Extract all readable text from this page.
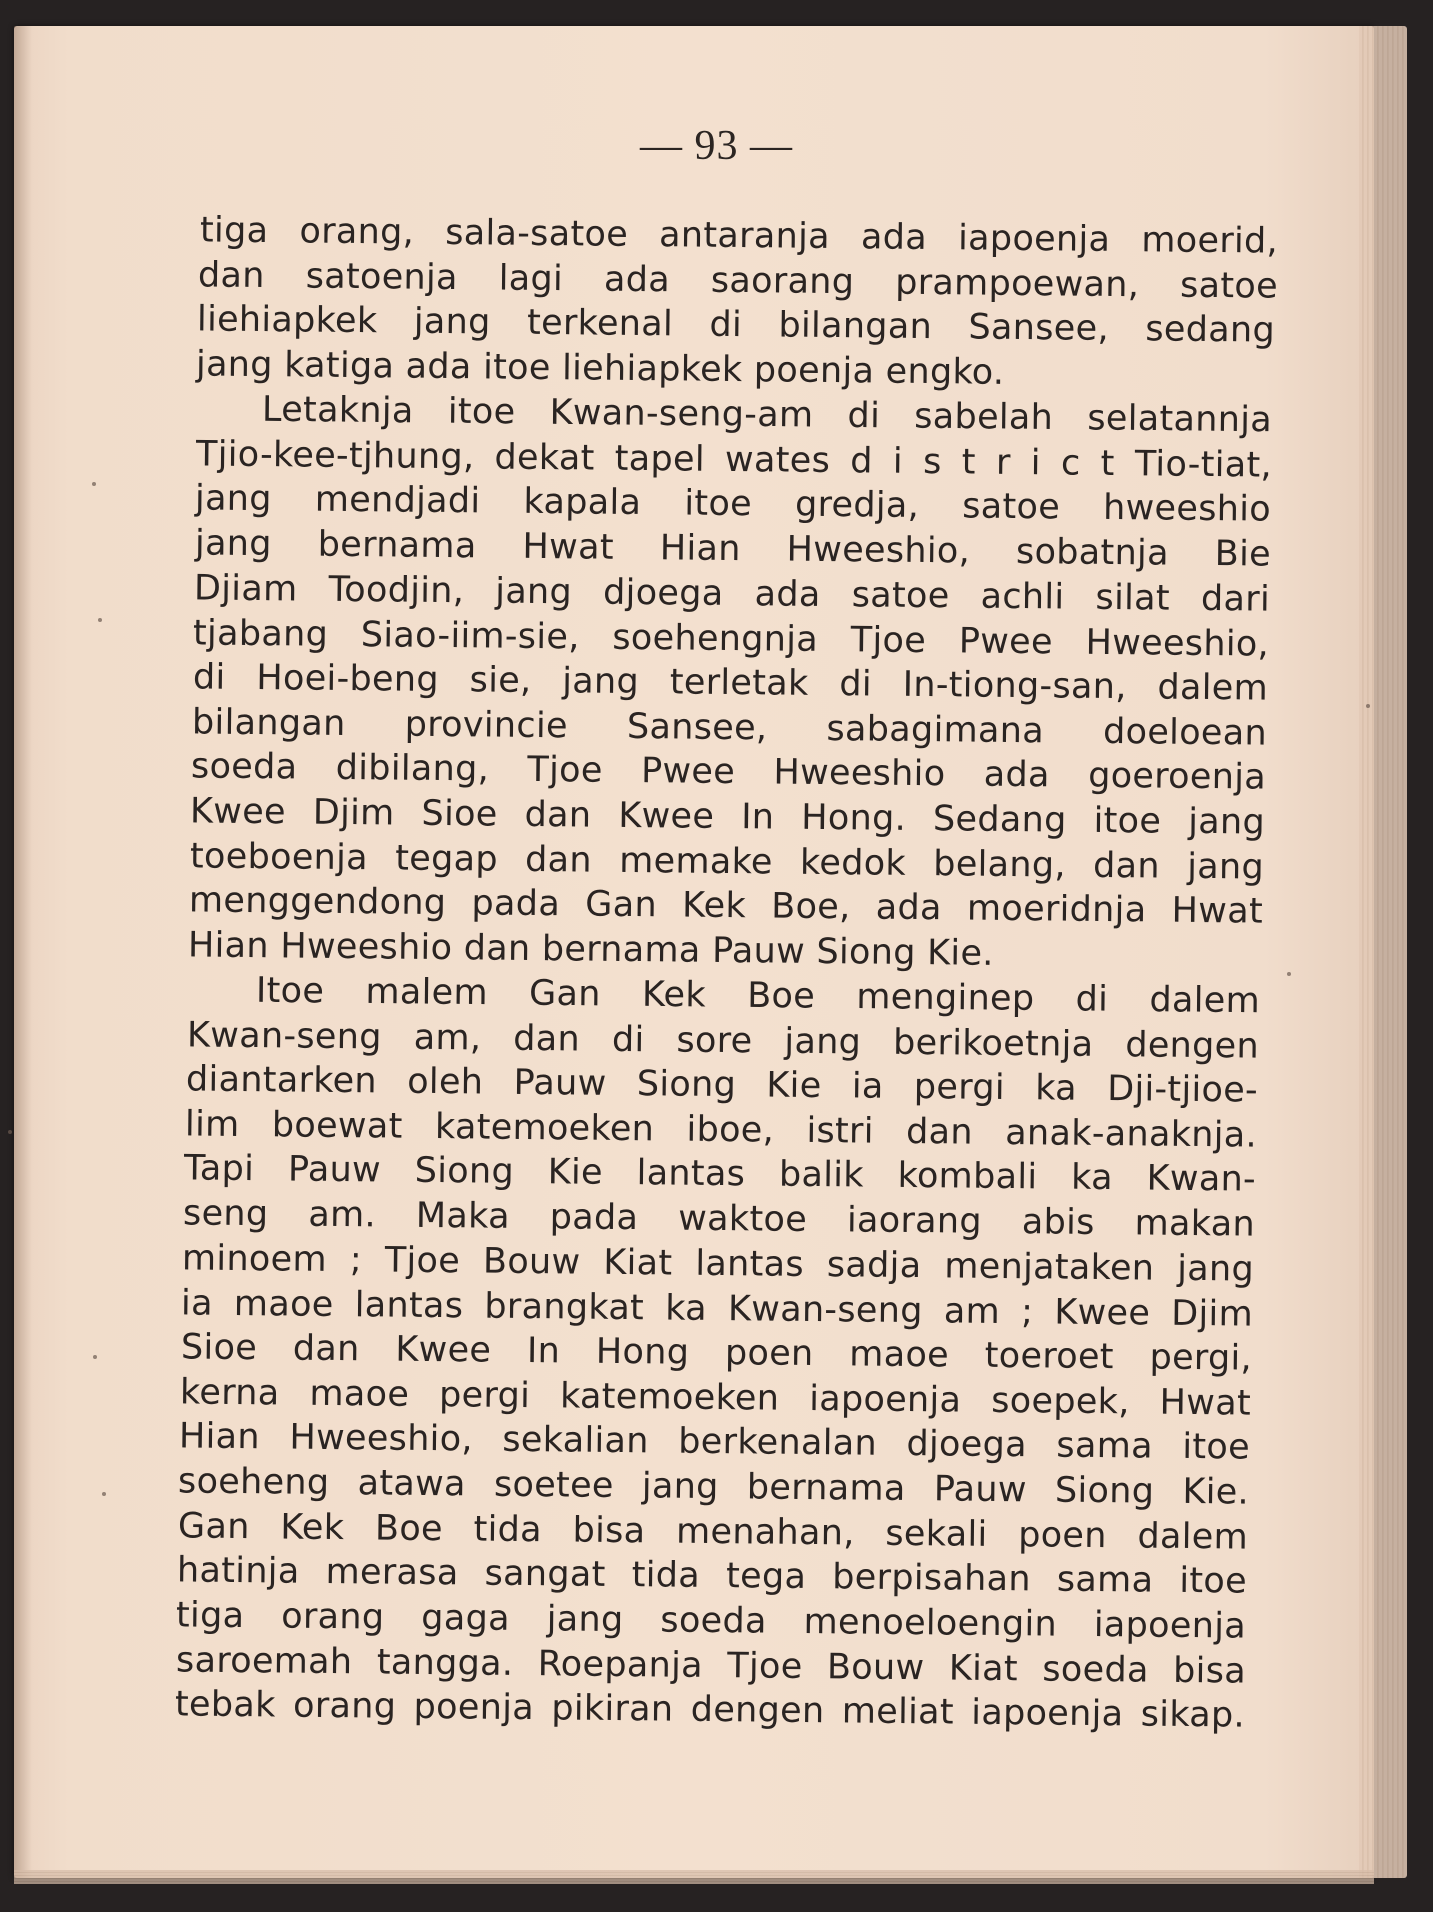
— 93 —
tiga orang, sala-satoe antaranja ada iapoenja moerid,
dan satoenja lagi ada saorang prampoewan, satoe
liehiapkek jang terkenal di bilangan Sansee, sedang
jang katiga ada itoe liehiapkek poenja engko.
Letaknja itoe Kwan-seng-am di sabelah selatannja
Tjio-kee-tjhung, dekat tapel wates d i s t r i c t Tio-tiat,
jang mendjadi kapala itoe gredja, satoe hweeshio
jang bernama Hwat Hian Hweeshio, sobatnja Bie
Djiam Toodjin, jang djoega ada satoe achli silat dari
tjabang Siao-iim-sie, soehengnja Tjoe Pwee Hweeshio,
di Hoei-beng sie, jang terletak di In-tiong-san, dalem
bilangan provincie Sansee, sabagimana doeloean
soeda dibilang, Tjoe Pwee Hweeshio ada goeroenja
Kwee Djim Sioe dan Kwee In Hong. Sedang itoe jang
toeboenja tegap dan memake kedok belang, dan jang
menggendong pada Gan Kek Boe, ada moeridnja Hwat
Hian Hweeshio dan bernama Pauw Siong Kie.
Itoe malem Gan Kek Boe menginep di dalem
Kwan-seng am, dan di sore jang berikoetnja dengen
diantarken oleh Pauw Siong Kie ia pergi ka Dji-tjioe-
lim boewat katemoeken iboe, istri dan anak-anaknja.
Tapi Pauw Siong Kie lantas balik kombali ka Kwan-
seng am. Maka pada waktoe iaorang abis makan
minoem ; Tjoe Bouw Kiat lantas sadja menjataken jang
ia maoe lantas brangkat ka Kwan-seng am ; Kwee Djim
Sioe dan Kwee In Hong poen maoe toeroet pergi,
kerna maoe pergi katemoeken iapoenja soepek, Hwat
Hian Hweeshio, sekalian berkenalan djoega sama itoe
soeheng atawa soetee jang bernama Pauw Siong Kie.
Gan Kek Boe tida bisa menahan, sekali poen dalem
hatinja merasa sangat tida tega berpisahan sama itoe
tiga orang gaga jang soeda menoeloengin iapoenja
saroemah tangga. Roepanja Tjoe Bouw Kiat soeda bisa
tebak orang poenja pikiran dengen meliat iapoenja sikap.
